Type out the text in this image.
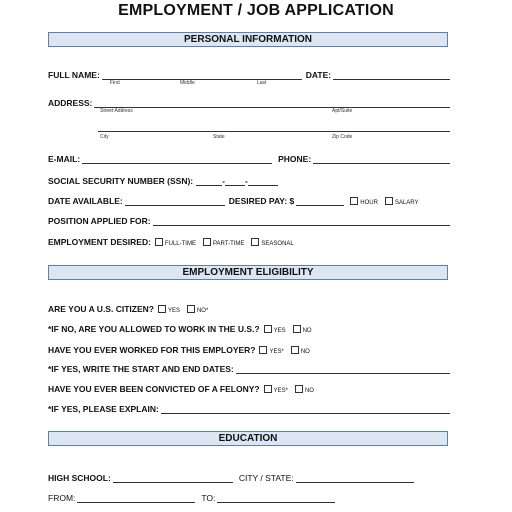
EMPLOYMENT / JOB APPLICATION
PERSONAL INFORMATION
FULL NAME:	DATE:
First	Middle	Last
ADDRESS:
Street Address	Apt/Suite
City	State	Zip Code
E-MAIL:	PHONE:
SOCIAL SECURITY NUMBER (SSN):	- -
DATE AVAILABLE:	DESIRED PAY: $	HOUR	SALARY
POSITION APPLIED FOR:
EMPLOYMENT DESIRED: FULL-TIME	PART-TIME	SEASONAL
EMPLOYMENT ELIGIBILITY
ARE YOU A U.S. CITIZEN? YES	NO*
*IF NO, ARE YOU ALLOWED TO WORK IN THE U.S.? YES	NO
HAVE YOU EVER WORKED FOR THIS EMPLOYER? YES*	NO
*IF YES, WRITE THE START AND END DATES:
HAVE YOU EVER BEEN CONVICTED OF A FELONY? YES*	NO
*IF YES, PLEASE EXPLAIN:
EDUCATION
HIGH SCHOOL:	CITY / STATE:
FROM:	TO:
